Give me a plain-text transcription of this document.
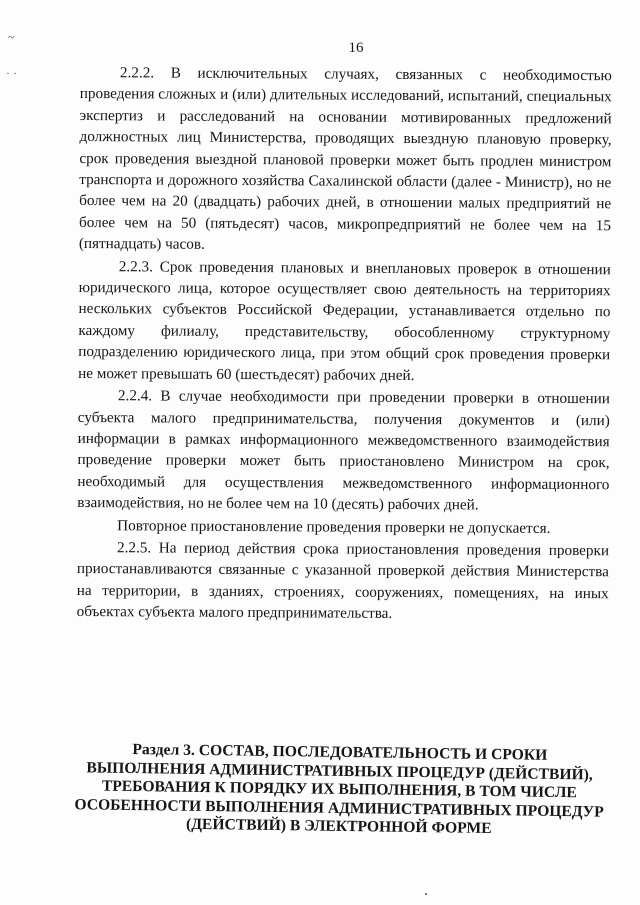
~
· ·
16

2.2.2. В исключительных случаях, связанных с необходимостью проведения сложных и (или) длительных исследований, испытаний, специальных экспертиз и расследований на основании мотивированных предложений должностных лиц Министерства, проводящих выездную плановую проверку, срок проведения выездной плановой проверки может быть продлен министром транспорта и дорожного хозяйства Сахалинской области (далее - Министр), но не более чем на 20 (двадцать) рабочих дней, в отношении малых предприятий не более чем на 50 (пятьдесят) часов, микропредприятий не более чем на 15 (пятнадцать) часов.

2.2.3. Срок проведения плановых и внеплановых проверок в отношении юридического лица, которое осуществляет свою деятельность на территориях нескольких субъектов Российской Федерации, устанавливается отдельно по каждому филиалу, представительству, обособленному структурному подразделению юридического лица, при этом общий срок проведения проверки не может превышать 60 (шестьдесят) рабочих дней.

2.2.4. В случае необходимости при проведении проверки в отношении субъекта малого предпринимательства, получения документов и (или) информации в рамках информационного межведомственного взаимодействия проведение проверки может быть приостановлено Министром на срок, необходимый для осуществления межведомственного информационного взаимодействия, но не более чем на 10 (десять) рабочих дней.

Повторное приостановление проведения проверки не допускается.

2.2.5. На период действия срока приостановления проведения проверки приостанавливаются связанные с указанной проверкой действия Министерства на территории, в зданиях, строениях, сооружениях, помещениях, на иных объектах субъекта малого предпринимательства.

Раздел 3. СОСТАВ, ПОСЛЕДОВАТЕЛЬНОСТЬ И СРОКИ
ВЫПОЛНЕНИЯ АДМИНИСТРАТИВНЫХ ПРОЦЕДУР (ДЕЙСТВИЙ),
ТРЕБОВАНИЯ К ПОРЯДКУ ИХ ВЫПОЛНЕНИЯ, В ТОМ ЧИСЛЕ
ОСОБЕННОСТИ ВЫПОЛНЕНИЯ АДМИНИСТРАТИВНЫХ ПРОЦЕДУР
(ДЕЙСТВИЙ) В ЭЛЕКТРОННОЙ ФОРМЕ
